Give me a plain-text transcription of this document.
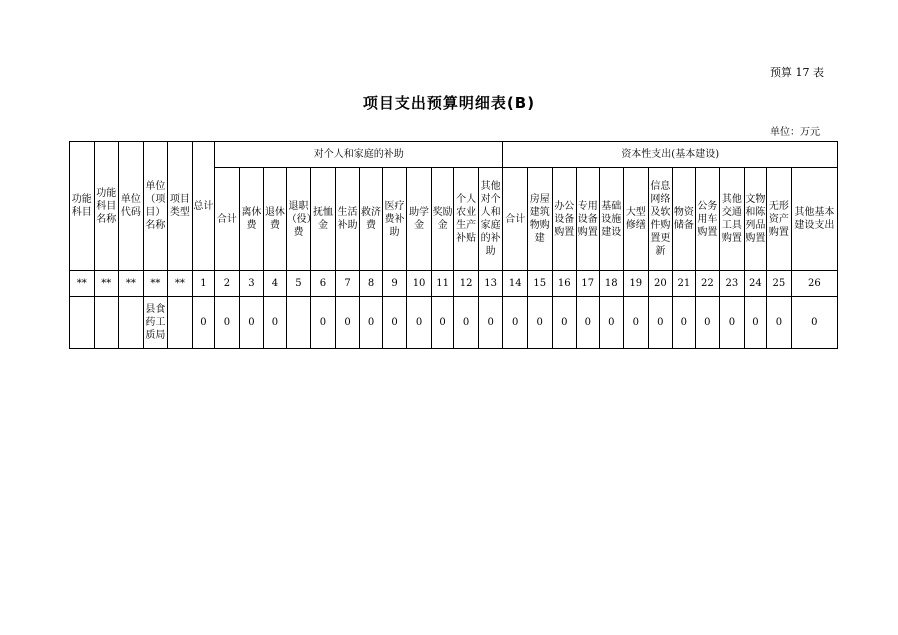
预算 17 表
项目支出预算明细表(B)
单位：万元
功能科目	功能科目名称	单位代码	单位（项目）名称	项目类型	总计	对个人和家庭的补助												资本性支出(基本建设)												
						合计	离休费	退休费	退职（役）费	抚恤金	生活补助	救济费	医疗费补助	助学金	奖励金	个人农业生产补贴	其他对个人和家庭的补助	合计	房屋建筑物购建	办公设备购置	专用设备购置	基础设施建设	大型修缮	信息网络及软件购置更新	物资储备	公务用车购置	其他交通工具购置	文物和陈列品购置	无形资产购置	其他基本建设支出
**	**	**	**	**	1	2	3	4	5	6	7	8	9	10	11	12	13	14	15	16	17	18	19	20	21	22	23	24	25	26
			县食药工质局		0	0	0	0		0	0	0	0	0	0	0	0	0	0	0	0	0	0	0	0	0	0	0	0	0
